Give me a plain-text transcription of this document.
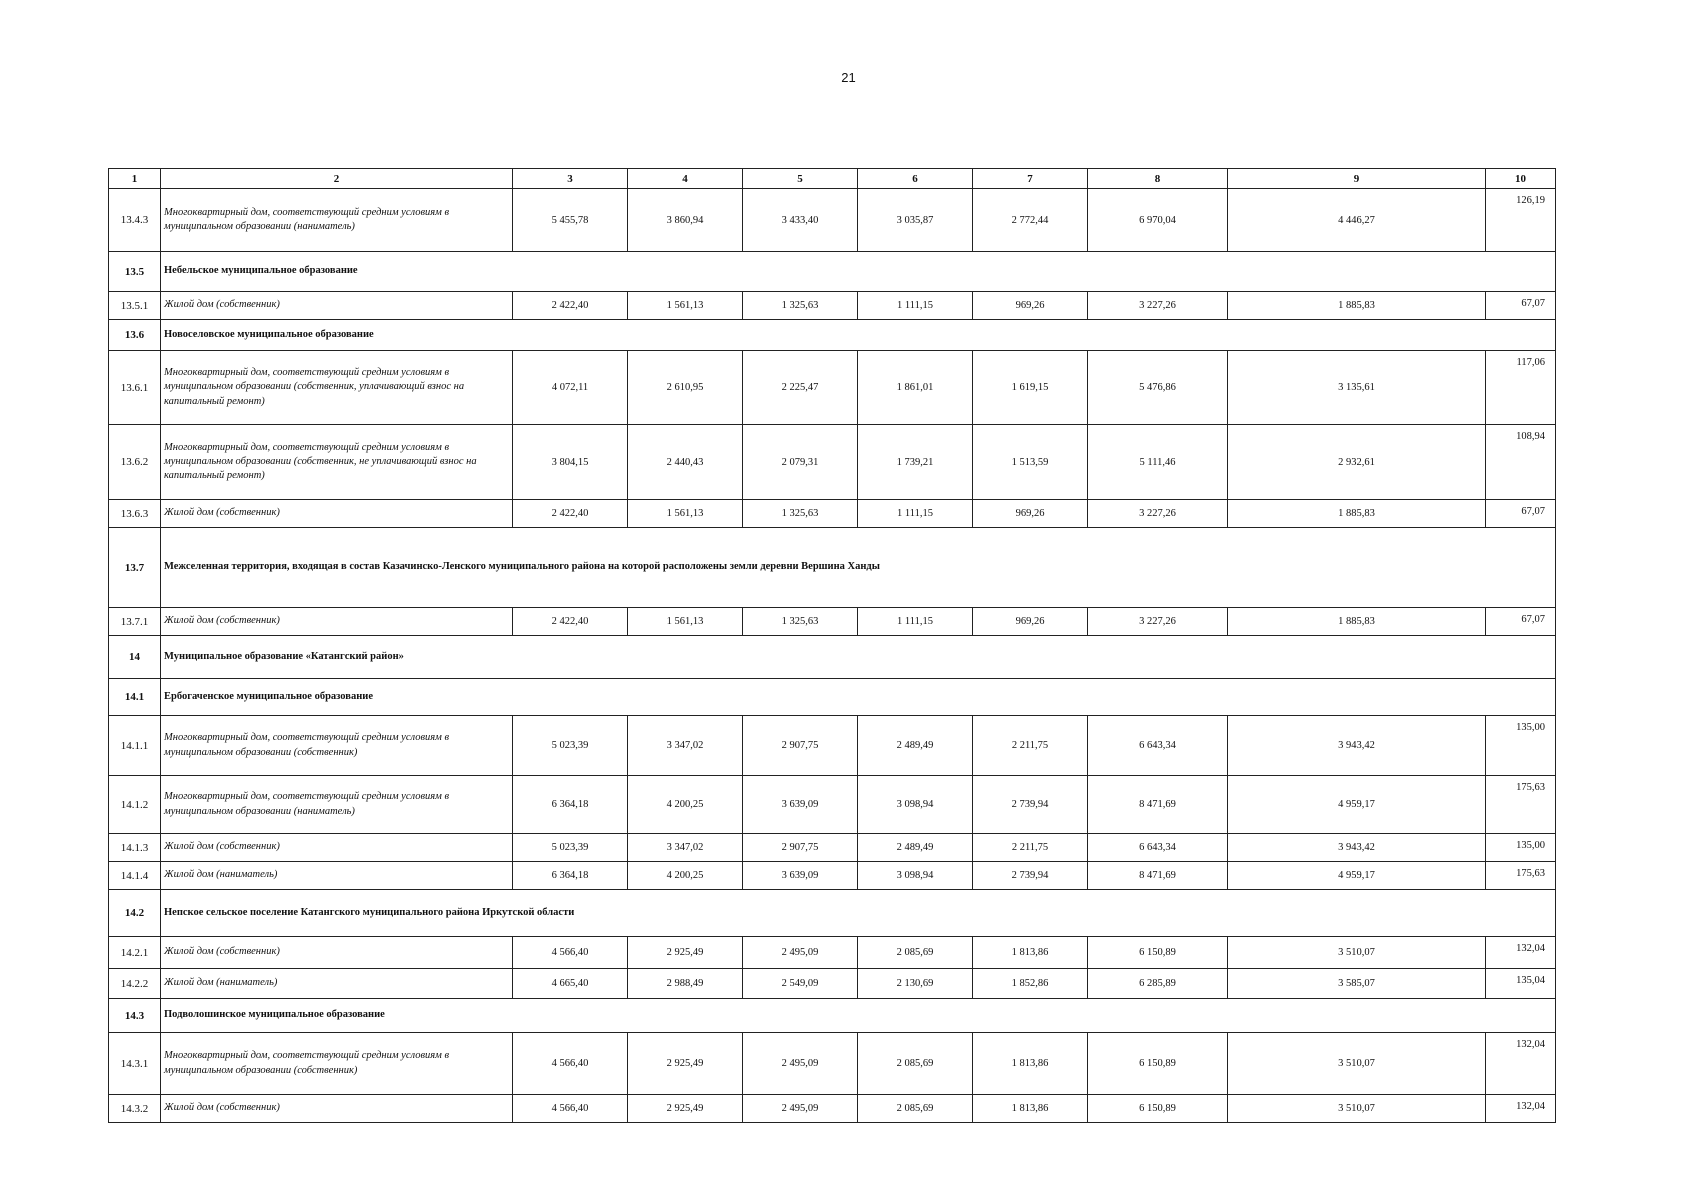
21
1	2	3	4	5	6	7	8	9	10
13.4.3	Многоквартирный дом, соответствующий средним условиям в муниципальном образовании (наниматель)	5 455,78	3 860,94	3 433,40	3 035,87	2 772,44	6 970,04	4 446,27	126,19
13.5	Небельское муниципальное образование								
13.5.1	Жилой дом (собственник)	2 422,40	1 561,13	1 325,63	1 111,15	969,26	3 227,26	1 885,83	67,07
13.6	Новоселовское муниципальное образование								
13.6.1	Многоквартирный дом, соответствующий средним условиям в муниципальном образовании (собственник, уплачивающий взнос на капитальный ремонт)	4 072,11	2 610,95	2 225,47	1 861,01	1 619,15	5 476,86	3 135,61	117,06
13.6.2	Многоквартирный дом, соответствующий средним условиям в муниципальном образовании (собственник, не уплачивающий взнос на капитальный ремонт)	3 804,15	2 440,43	2 079,31	1 739,21	1 513,59	5 111,46	2 932,61	108,94
13.6.3	Жилой дом (собственник)	2 422,40	1 561,13	1 325,63	1 111,15	969,26	3 227,26	1 885,83	67,07
13.7	Межселенная территория, входящая в состав Казачинско-Ленского муниципального района на которой расположены земли деревни Вершина Ханды								
13.7.1	Жилой дом (собственник)	2 422,40	1 561,13	1 325,63	1 111,15	969,26	3 227,26	1 885,83	67,07
14	Муниципальное образование «Катангский район»								
14.1	Ербогаченское муниципальное образование								
14.1.1	Многоквартирный дом, соответствующий средним условиям в муниципальном образовании (собственник)	5 023,39	3 347,02	2 907,75	2 489,49	2 211,75	6 643,34	3 943,42	135,00
14.1.2	Многоквартирный дом, соответствующий средним условиям в муниципальном образовании (наниматель)	6 364,18	4 200,25	3 639,09	3 098,94	2 739,94	8 471,69	4 959,17	175,63
14.1.3	Жилой дом (собственник)	5 023,39	3 347,02	2 907,75	2 489,49	2 211,75	6 643,34	3 943,42	135,00
14.1.4	Жилой дом (наниматель)	6 364,18	4 200,25	3 639,09	3 098,94	2 739,94	8 471,69	4 959,17	175,63
14.2	Непское сельское поселение Катангского муниципального района Иркутской области								
14.2.1	Жилой дом (собственник)	4 566,40	2 925,49	2 495,09	2 085,69	1 813,86	6 150,89	3 510,07	132,04
14.2.2	Жилой дом (наниматель)	4 665,40	2 988,49	2 549,09	2 130,69	1 852,86	6 285,89	3 585,07	135,04
14.3	Подволошинское муниципальное образование								
14.3.1	Многоквартирный дом, соответствующий средним условиям в муниципальном образовании (собственник)	4 566,40	2 925,49	2 495,09	2 085,69	1 813,86	6 150,89	3 510,07	132,04
14.3.2	Жилой дом (собственник)	4 566,40	2 925,49	2 495,09	2 085,69	1 813,86	6 150,89	3 510,07	132,04
